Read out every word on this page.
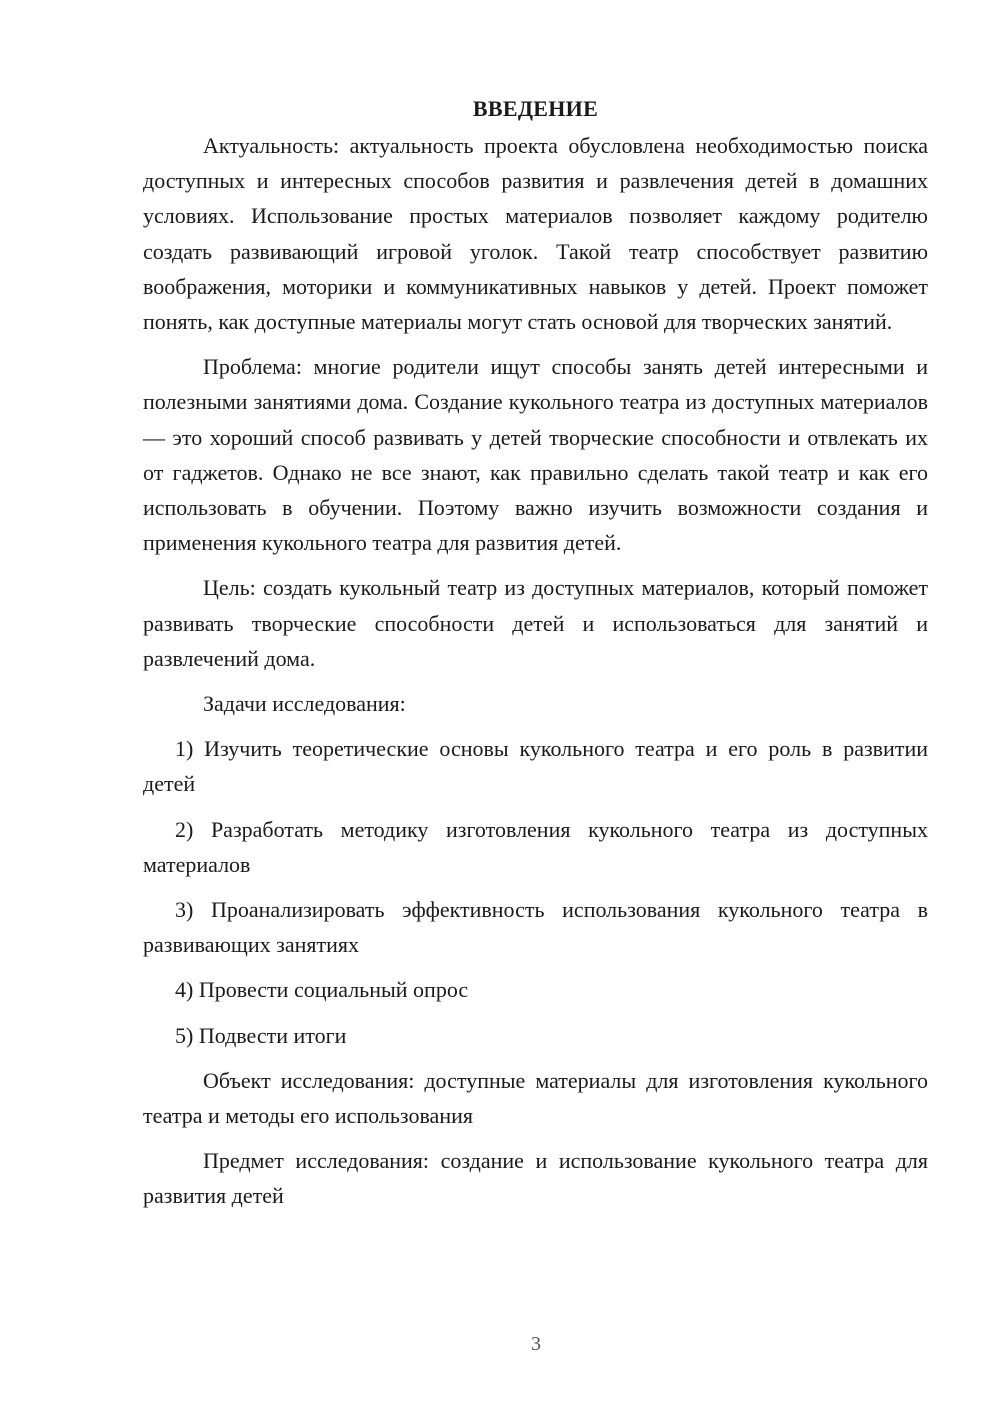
ВВЕДЕНИЕ

Актуальность: актуальность проекта обусловлена необходимостью поиска доступных и интересных способов развития и развлечения детей в домашних условиях. Использование простых материалов позволяет каждому родителю создать развивающий игровой уголок. Такой театр способствует развитию воображения, моторики и коммуникативных навыков у детей. Проект поможет понять, как доступные материалы могут стать основой для творческих занятий.

Проблема: многие родители ищут способы занять детей интересными и полезными занятиями дома. Создание кукольного театра из доступных материалов — это хороший способ развивать у детей творческие способности и отвлекать их от гаджетов. Однако не все знают, как правильно сделать такой театр и как его использовать в обучении. Поэтому важно изучить возможности создания и применения кукольного театра для развития детей.

Цель: создать кукольный театр из доступных материалов, который поможет развивать творческие способности детей и использоваться для занятий и развлечений дома.

Задачи исследования:

1) Изучить теоретические основы кукольного театра и его роль в развитии детей

2) Разработать методику изготовления кукольного театра из доступных материалов

3) Проанализировать эффективность использования кукольного театра в развивающих занятиях

4) Провести социальный опрос

5) Подвести итоги

Объект исследования: доступные материалы для изготовления кукольного театра и методы его использования

Предмет исследования: создание и использование кукольного театра для развития детей

3
